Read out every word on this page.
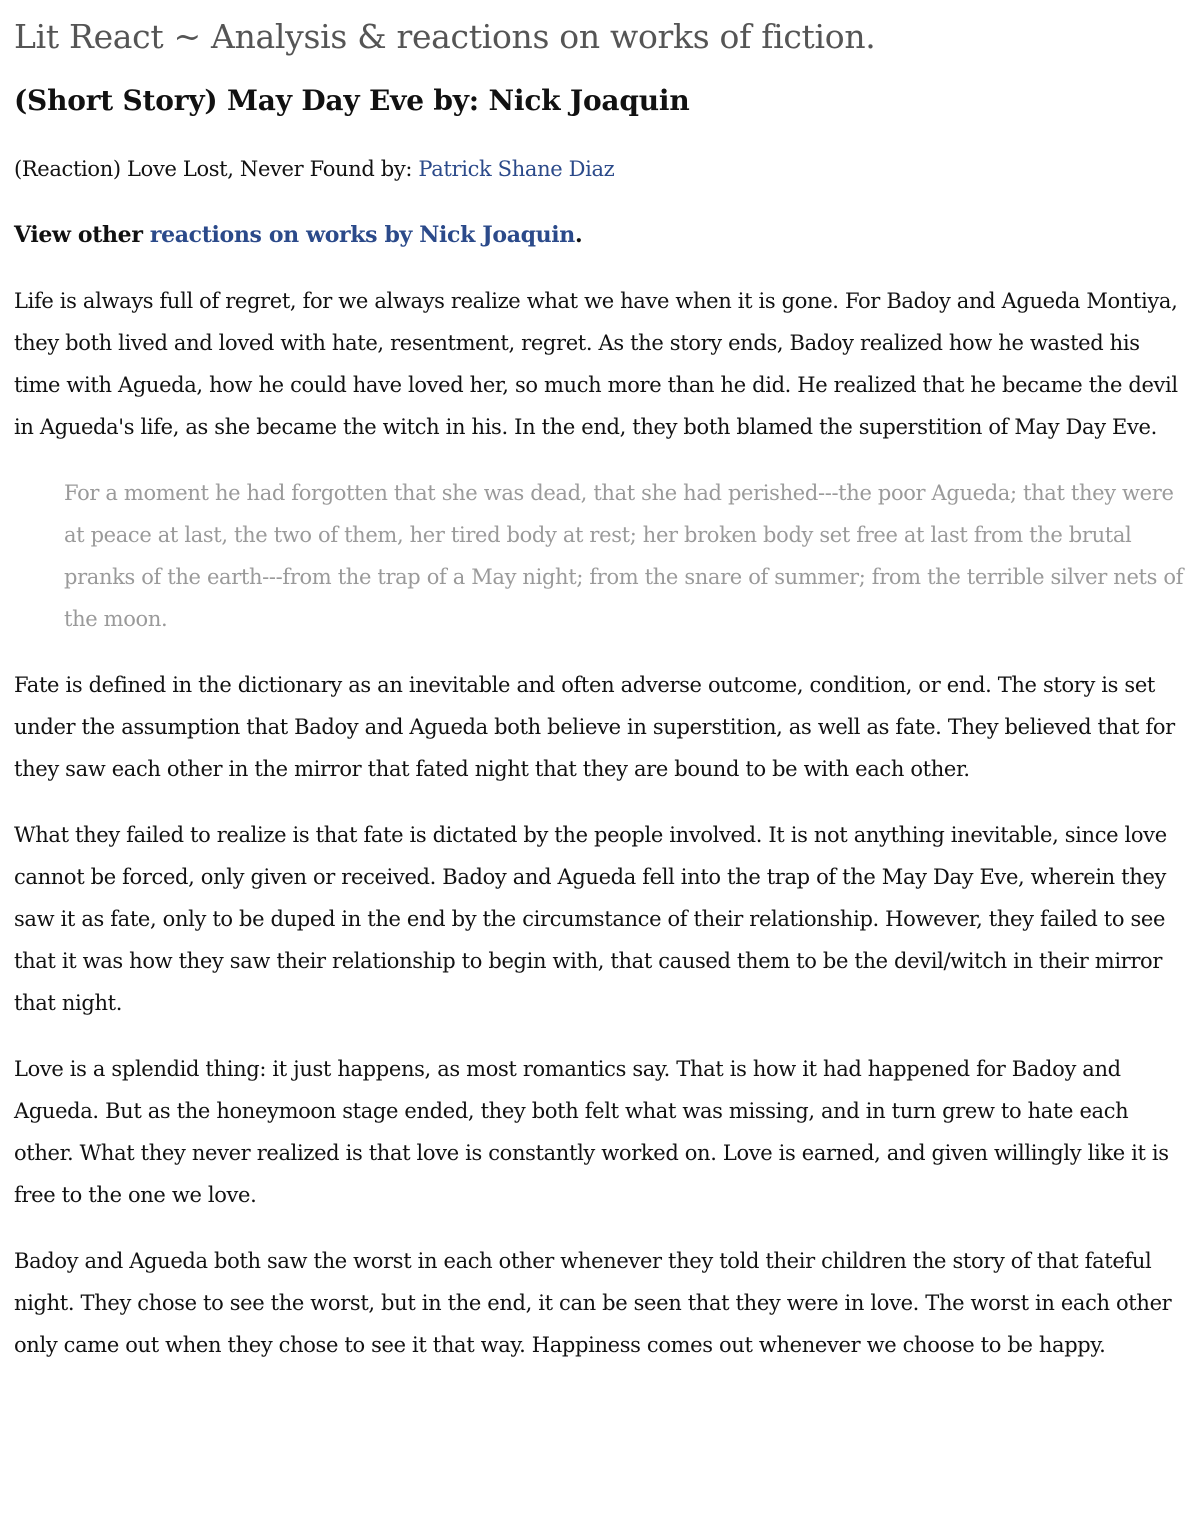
Lit React ~ Analysis & reactions on works of fiction.
(Short Story) May Day Eve by: Nick Joaquin

(Reaction) Love Lost, Never Found by: Patrick Shane Diaz

View other reactions on works by Nick Joaquin.

Life is always full of regret, for we always realize what we have when it is gone. For Badoy and Agueda Montiya, they both lived and loved with hate, resentment, regret. As the story ends, Badoy realized how he wasted his time with Agueda, how he could have loved her, so much more than he did. He realized that he became the devil in Agueda's life, as she became the witch in his. In the end, they both blamed the superstition of May Day Eve.

For a moment he had forgotten that she was dead, that she had perished---the poor Agueda; that they were at peace at last, the two of them, her tired body at rest; her broken body set free at last from the brutal pranks of the earth---from the trap of a May night; from the snare of summer; from the terrible silver nets of the moon.

Fate is defined in the dictionary as an inevitable and often adverse outcome, condition, or end. The story is set under the assumption that Badoy and Agueda both believe in superstition, as well as fate. They believed that for they saw each other in the mirror that fated night that they are bound to be with each other.

What they failed to realize is that fate is dictated by the people involved. It is not anything inevitable, since love cannot be forced, only given or received. Badoy and Agueda fell into the trap of the May Day Eve, wherein they saw it as fate, only to be duped in the end by the circumstance of their relationship. However, they failed to see that it was how they saw their relationship to begin with, that caused them to be the devil/witch in their mirror that night.

Love is a splendid thing: it just happens, as most romantics say. That is how it had happened for Badoy and Agueda. But as the honeymoon stage ended, they both felt what was missing, and in turn grew to hate each other. What they never realized is that love is constantly worked on. Love is earned, and given willingly like it is free to the one we love.

Badoy and Agueda both saw the worst in each other whenever they told their children the story of that fateful night. They chose to see the worst, but in the end, it can be seen that they were in love. The worst in each other only came out when they chose to see it that way. Happiness comes out whenever we choose to be happy.
